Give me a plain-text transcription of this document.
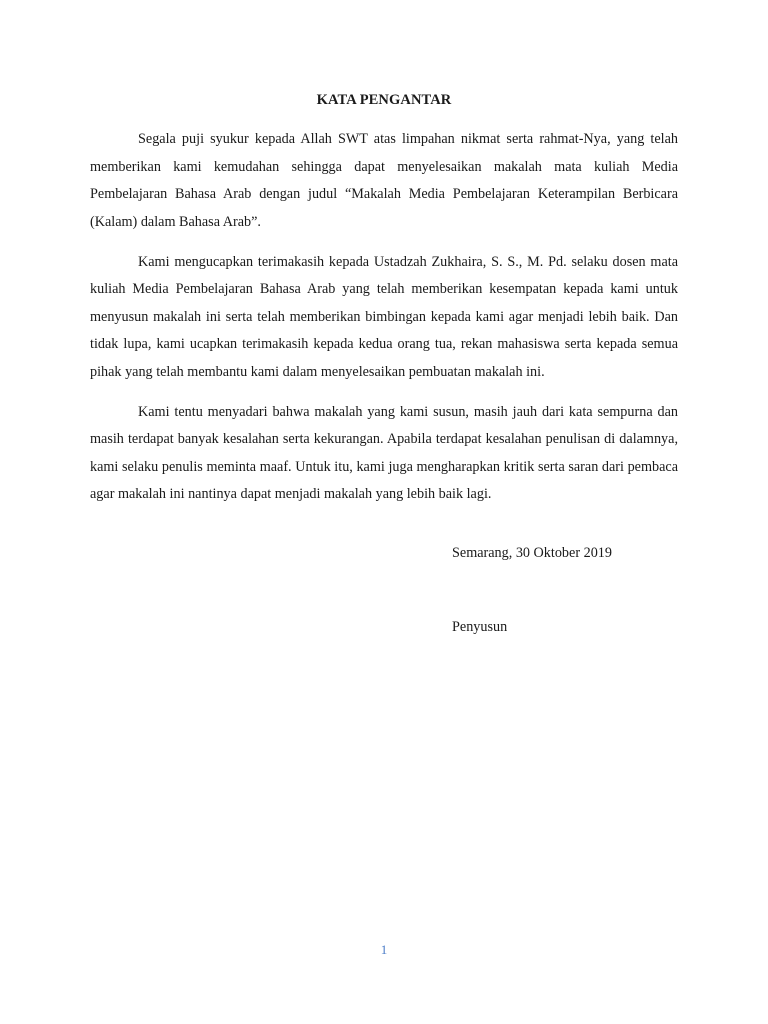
KATA PENGANTAR

Segala puji syukur kepada Allah SWT atas limpahan nikmat serta rahmat-Nya, yang telah memberikan kami kemudahan sehingga dapat menyelesaikan makalah mata kuliah Media Pembelajaran Bahasa Arab dengan judul “Makalah Media Pembelajaran Keterampilan Berbicara (Kalam) dalam Bahasa Arab”.

Kami mengucapkan terimakasih kepada Ustadzah Zukhaira, S. S., M. Pd. selaku dosen mata kuliah Media Pembelajaran Bahasa Arab yang telah memberikan kesempatan kepada kami untuk menyusun makalah ini serta telah memberikan bimbingan kepada kami agar menjadi lebih baik. Dan tidak lupa, kami ucapkan terimakasih kepada kedua orang tua, rekan mahasiswa serta kepada semua pihak yang telah membantu kami dalam menyelesaikan pembuatan makalah ini.

Kami tentu menyadari bahwa makalah yang kami susun, masih jauh dari kata sempurna dan masih terdapat banyak kesalahan serta kekurangan. Apabila terdapat kesalahan penulisan di dalamnya, kami selaku penulis meminta maaf. Untuk itu, kami juga mengharapkan kritik serta saran dari pembaca agar makalah ini nantinya dapat menjadi makalah yang lebih baik lagi.

Semarang, 30 Oktober 2019
Penyusun
1
